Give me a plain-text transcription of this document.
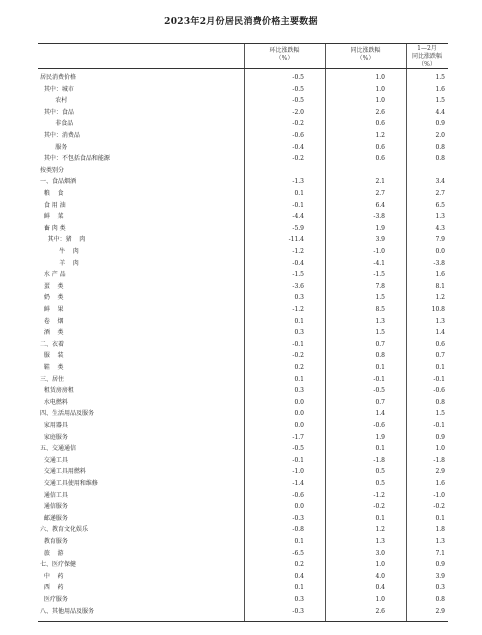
2023年2月份居民消费价格主要数据
环比涨跌幅
（%）
同比涨跌幅
（%）
1—2月
同比涨跌幅
（%）
居民消费价格	-0.5	1.0	1.5
其中：城市	-0.5	1.0	1.6
农村	-0.5	1.0	1.5
其中：食品	-2.0	2.6	4.4
非食品	-0.2	0.6	0.9
其中：消费品	-0.6	1.2	2.0
服务	-0.4	0.6	0.8
其中：不包括食品和能源	-0.2	0.6	0.8
按类别分
一、食品烟酒	-1.3	2.1	3.4
粮    食	0.1	2.7	2.7
食 用 油	-0.1	6.4	6.5
鲜    菜	-4.4	-3.8	1.3
畜 肉 类	-5.9	1.9	4.3
其中：猪    肉	-11.4	3.9	7.9
牛    肉	-1.2	-1.0	0.0
羊    肉	-0.4	-4.1	-3.8
水 产 品	-1.5	-1.5	1.6
蛋    类	-3.6	7.8	8.1
奶    类	0.3	1.5	1.2
鲜    果	-1.2	8.5	10.8
卷    烟	0.1	1.3	1.3
酒    类	0.3	1.5	1.4
二、衣着	-0.1	0.7	0.6
服    装	-0.2	0.8	0.7
鞋    类	0.2	0.1	0.1
三、居住	0.1	-0.1	-0.1
租赁房房租	0.3	-0.5	-0.6
水电燃料	0.0	0.7	0.8
四、生活用品及服务	0.0	1.4	1.5
家用器具	0.0	-0.6	-0.1
家庭服务	-1.7	1.9	0.9
五、交通通信	-0.5	0.1	1.0
交通工具	-0.1	-1.8	-1.8
交通工具用燃料	-1.0	0.5	2.9
交通工具使用和维修	-1.4	0.5	1.6
通信工具	-0.6	-1.2	-1.0
通信服务	0.0	-0.2	-0.2
邮递服务	-0.3	0.1	0.1
六、教育文化娱乐	-0.8	1.2	1.8
教育服务	0.1	1.3	1.3
旅    游	-6.5	3.0	7.1
七、医疗保健	0.2	1.0	0.9
中    药	0.4	4.0	3.9
西    药	0.1	0.4	0.3
医疗服务	0.3	1.0	0.8
八、其他用品及服务	-0.3	2.6	2.9
